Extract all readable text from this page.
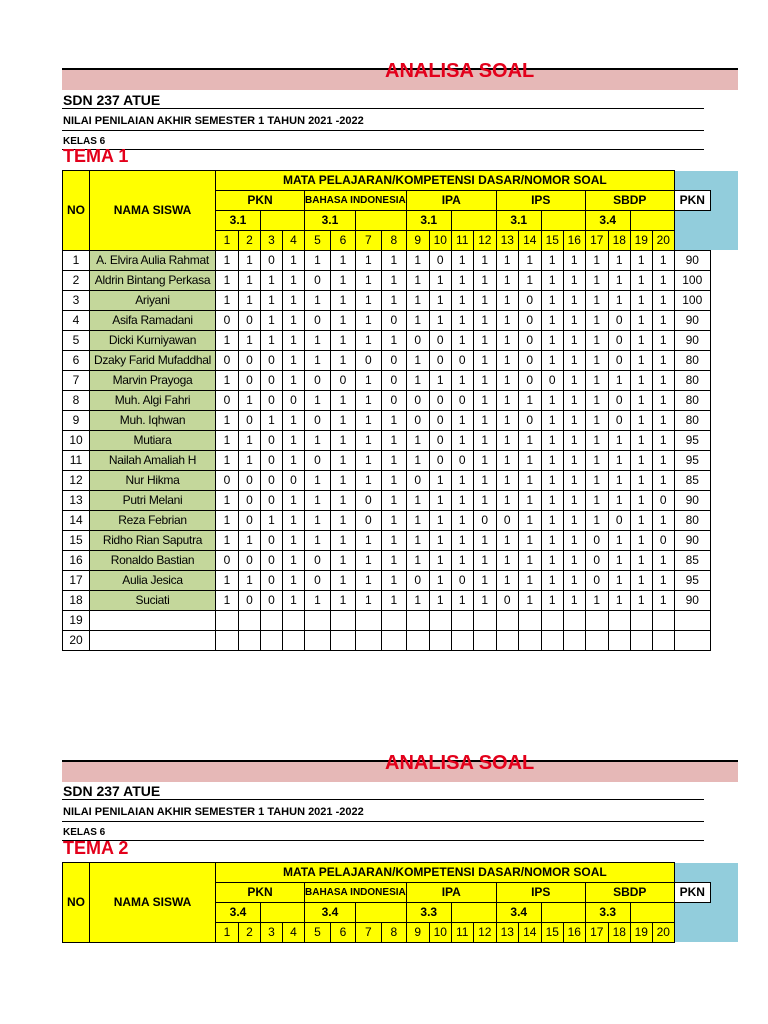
ANALISA SOAL
SDN 237 ATUE
NILAI PENILAIAN AKHIR SEMESTER 1 TAHUN 2021 -2022
KELAS 6
TEMA 1
NO	NAMA SISWA	MATA PELAJARAN/KOMPETENSI DASAR/NOMOR SOAL																				
		PKN				BAHASA INDONESIA				IPA				IPS				SBDP				PKN
		3.1				3.1				3.1				3.1				3.4				
		1	2	3	4	5	6	7	8	9	10	11	12	13	14	15	16	17	18	19	20	
1	A. Elvira Aulia Rahmat	1	1	0	1	1	1	1	1	1	0	1	1	1	1	1	1	1	1	1	1	90
2	Aldrin Bintang Perkasa	1	1	1	1	0	1	1	1	1	1	1	1	1	1	1	1	1	1	1	1	100
3	Ariyani	1	1	1	1	1	1	1	1	1	1	1	1	1	0	1	1	1	1	1	1	100
4	Asifa Ramadani	0	0	1	1	0	1	1	0	1	1	1	1	1	0	1	1	1	0	1	1	90
5	Dicki Kurniyawan	1	1	1	1	1	1	1	1	0	0	1	1	1	0	1	1	1	0	1	1	90
6	Dzaky Farid Mufaddhal	0	0	0	1	1	1	0	0	1	0	0	1	1	0	1	1	1	0	1	1	80
7	Marvin Prayoga	1	0	0	1	0	0	1	0	1	1	1	1	1	0	0	1	1	1	1	1	80
8	Muh. Algi Fahri	0	1	0	0	1	1	1	0	0	0	0	1	1	1	1	1	1	0	1	1	80
9	Muh. Iqhwan	1	0	1	1	0	1	1	1	0	0	1	1	1	0	1	1	1	0	1	1	80
10	Mutiara	1	1	0	1	1	1	1	1	1	0	1	1	1	1	1	1	1	1	1	1	95
11	Nailah Amaliah H	1	1	0	1	0	1	1	1	1	0	0	1	1	1	1	1	1	1	1	1	95
12	Nur Hikma	0	0	0	0	1	1	1	1	0	1	1	1	1	1	1	1	1	1	1	1	85
13	Putri Melani	1	0	0	1	1	1	0	1	1	1	1	1	1	1	1	1	1	1	1	0	90
14	Reza Febrian	1	0	1	1	1	1	0	1	1	1	1	0	0	1	1	1	1	0	1	1	80
15	Ridho Rian Saputra	1	1	0	1	1	1	1	1	1	1	1	1	1	1	1	1	0	1	1	0	90
16	Ronaldo Bastian	0	0	0	1	0	1	1	1	1	1	1	1	1	1	1	1	0	1	1	1	85
17	Aulia Jesica	1	1	0	1	0	1	1	1	0	1	0	1	1	1	1	1	0	1	1	1	95
18	Suciati	1	0	0	1	1	1	1	1	1	1	1	1	0	1	1	1	1	1	1	1	90
19																						
20																						
ANALISA SOAL
SDN 237 ATUE
NILAI PENILAIAN AKHIR SEMESTER 1 TAHUN 2021 -2022
KELAS 6
TEMA 2
NO	NAMA SISWA	MATA PELAJARAN/KOMPETENSI DASAR/NOMOR SOAL																				
		PKN				BAHASA INDONESIA				IPA				IPS				SBDP				PKN
		3.4				3.4				3.3				3.4				3.3				
		1	2	3	4	5	6	7	8	9	10	11	12	13	14	15	16	17	18	19	20	
